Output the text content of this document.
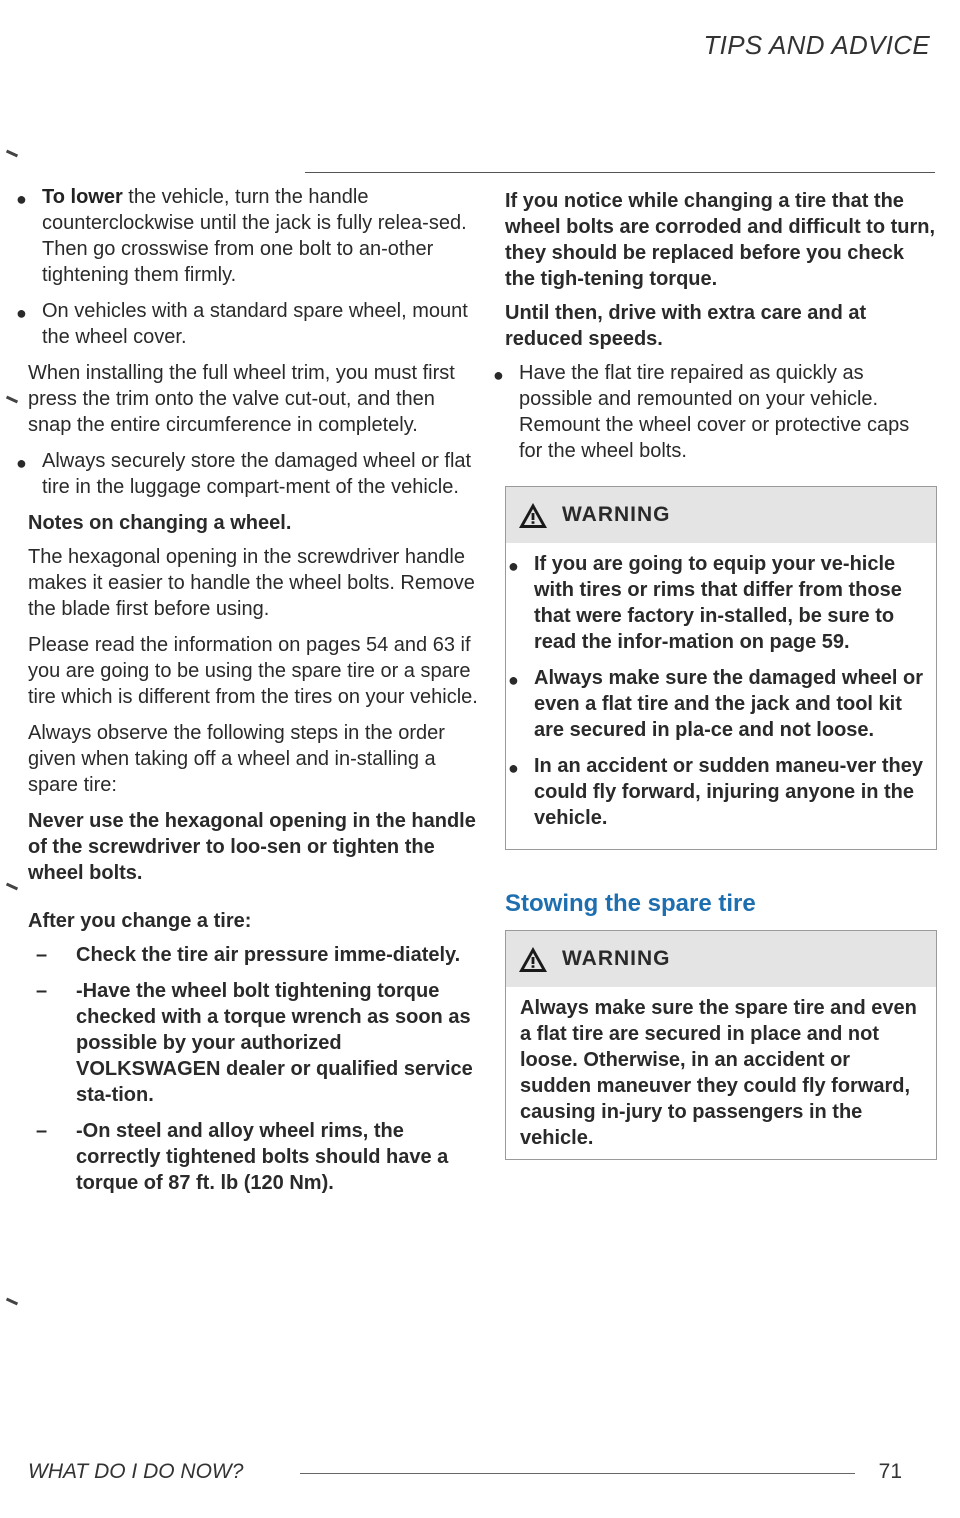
TIPS AND ADVICE
● To lower the vehicle, turn the handle counterclockwise until the jack is fully relea-sed. Then go crosswise from one bolt to an-other tightening them firmly.
● On vehicles with a standard spare wheel, mount the wheel cover.

When installing the full wheel trim, you must first press the trim onto the valve cut-out, and then snap the entire circumference in completely.

● Always securely store the damaged wheel or flat tire in the luggage compart-ment of the vehicle.
Notes on changing a wheel.

The hexagonal opening in the screwdriver handle makes it easier to handle the wheel bolts. Remove the blade first before using.

Please read the information on pages 54 and 63 if you are going to be using the spare tire or a spare tire which is different from the tires on your vehicle.

Always observe the following steps in the order given when taking off a wheel and in-stalling a spare tire:

Never use the hexagonal opening in the handle of the screwdriver to loo-sen or tighten the wheel bolts.
After you change a tire:
– Check the tire air pressure imme-diately.
– -Have the wheel bolt tightening torque checked with a torque wrench as soon as possible by your authorized VOLKSWAGEN dealer or qualified service sta-tion.
– -On steel and alloy wheel rims, the correctly tightened bolts should have a torque of 87 ft. lb (120 Nm).
If you notice while changing a tire that the wheel bolts are corroded and difficult to turn, they should be replaced before you check the tigh-tening torque.
Until then, drive with extra care and at reduced speeds.
● Have the flat tire repaired as quickly as possible and remounted on your vehicle. Remount the wheel cover or protective caps for the wheel bolts.
WARNING
● If you are going to equip your ve-hicle with tires or rims that differ from those that were factory in-stalled, be sure to read the infor-mation on page 59.
● Always make sure the damaged wheel or even a flat tire and the jack and tool kit are secured in pla-ce and not loose.
● In an accident or sudden maneu-ver they could fly forward, injuring anyone in the vehicle.
Stowing the spare tire
WARNING
Always make sure the spare tire and even a flat tire are secured in place and not loose. Otherwise, in an accident or sudden maneuver they could fly forward, causing in-jury to passengers in the vehicle.
WHAT DO I DO NOW?	71
